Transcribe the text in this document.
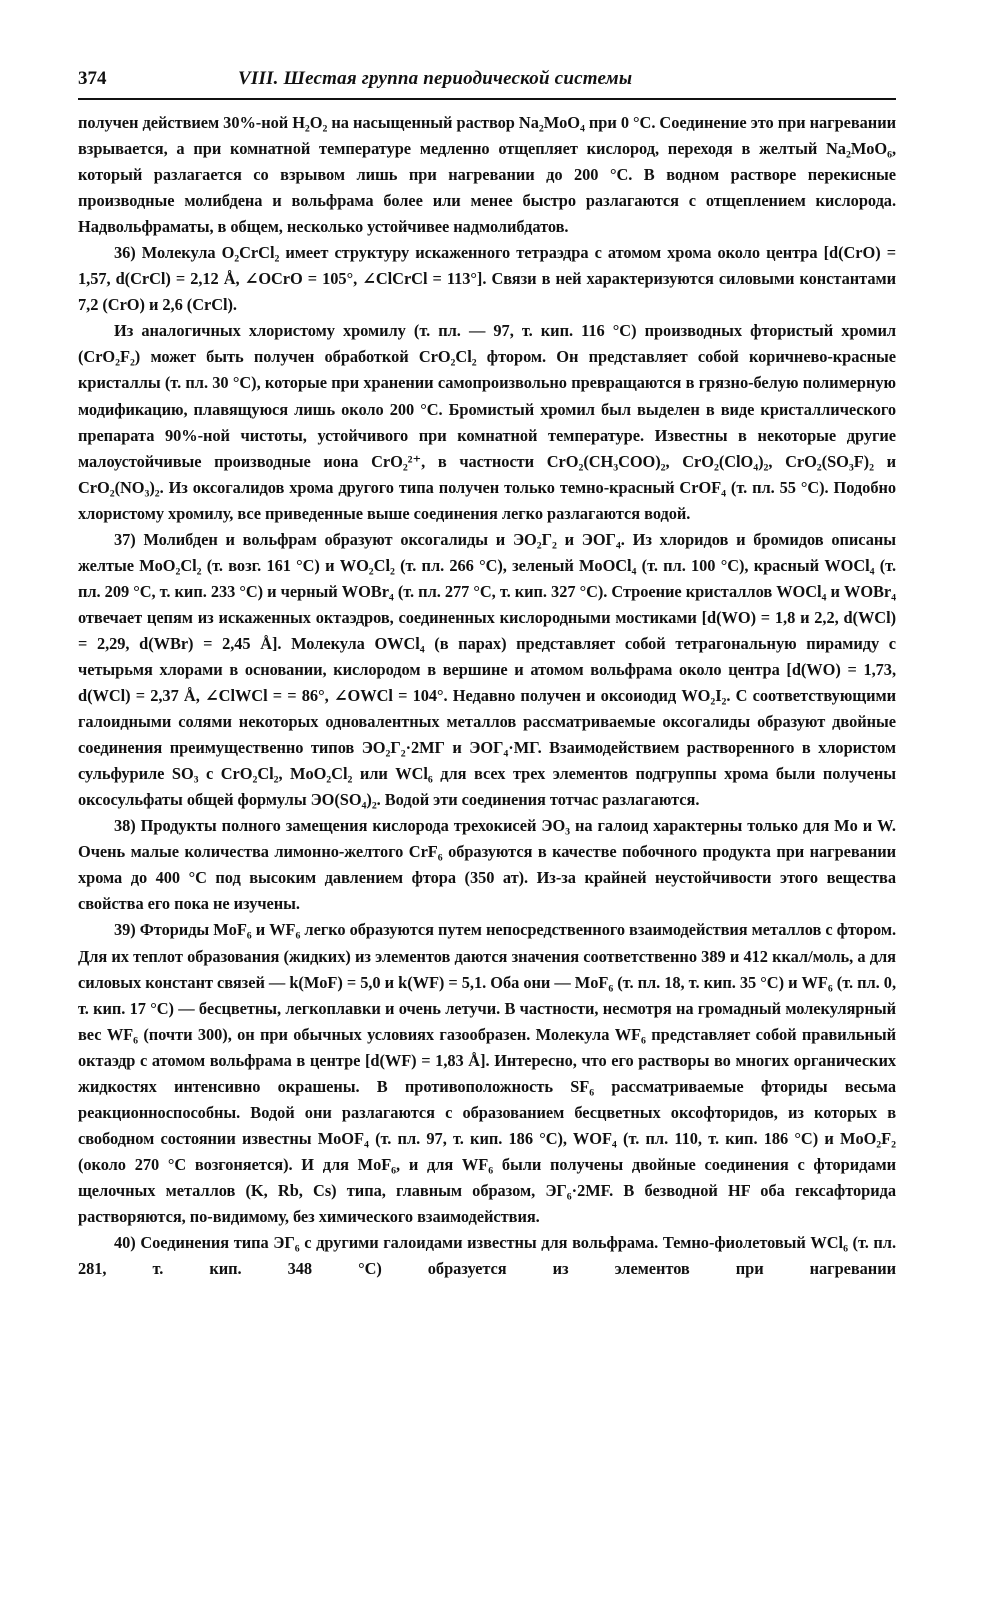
374	VIII. Шестая группа периодической системы

получен действием 30%-ной H₂O₂ на насыщенный раствор Na₂MoO₄ при 0 °С. Соединение это при нагревании взрывается, а при комнатной температуре медленно отщепляет кислород, переходя в желтый Na₂MoO₆, который разлагается со взрывом лишь при нагревании до 200 °С. В водном растворе перекисные производные молибдена и вольфрама более или менее быстро разлагаются с отщеплением кислорода. Надвольфраматы, в общем, несколько устойчивее надмолибдатов.

36) Молекула O₂CrCl₂ имеет структуру искаженного тетраэдра с атомом хрома около центра [d(CrO) = 1,57, d(CrCl) = 2,12 Å, ∠OCrO = 105°, ∠ClCrCl = 113°]. Связи в ней характеризуются силовыми константами 7,2 (CrO) и 2,6 (CrCl).

Из аналогичных хлористому хромилу (т. пл. — 97, т. кип. 116 °С) производных фтористый хромил (CrO₂F₂) может быть получен обработкой CrO₂Cl₂ фтором. Он представляет собой коричнево-красные кристаллы (т. пл. 30 °С), которые при хранении самопроизвольно превращаются в грязно-белую полимерную модификацию, плавящуюся лишь около 200 °С. Бромистый хромил был выделен в виде кристаллического препарата 90%-ной чистоты, устойчивого при комнатной температуре. Известны в некоторые другие малоустойчивые производные иона CrO₂²⁺, в частности CrO₂(CH₃COO)₂, CrO₂(ClO₄)₂, CrO₂(SO₃F)₂ и CrO₂(NO₃)₂. Из оксогалидов хрома другого типа получен только темно-красный CrOF₄ (т. пл. 55 °С). Подобно хлористому хромилу, все приведенные выше соединения легко разлагаются водой.

37) Молибден и вольфрам образуют оксогалиды и ЭO₂Г₂ и ЭOГ₄. Из хлоридов и бромидов описаны желтые MoO₂Cl₂ (т. возг. 161 °С) и WO₂Cl₂ (т. пл. 266 °С), зеленый MoOCl₄ (т. пл. 100 °С), красный WOCl₄ (т. пл. 209 °С, т. кип. 233 °С) и черный WOBr₄ (т. пл. 277 °С, т. кип. 327 °С). Строение кристаллов WOCl₄ и WOBr₄ отвечает цепям из искаженных октаэдров, соединенных кислородными мостиками [d(WO) = 1,8 и 2,2, d(WCl) = 2,29, d(WBr) = 2,45 Å]. Молекула OWCl₄ (в парах) представляет собой тетрагональную пирамиду с четырьмя хлорами в основании, кислородом в вершине и атомом вольфрама около центра [d(WO) = 1,73, d(WCl) = 2,37 Å, ∠ClWCl = = 86°, ∠OWCl = 104°. Недавно получен и оксоиодид WO₂I₂. С соответствующими галоидными солями некоторых одновалентных металлов рассматриваемые оксогалиды образуют двойные соединения преимущественно типов ЭO₂Г₂·2МГ и ЭOГ₄·МГ. Взаимодействием растворенного в хлористом сульфуриле SO₃ с CrO₂Cl₂, MoO₂Cl₂ или WCl₆ для всех трех элементов подгруппы хрома были получены оксосульфаты общей формулы ЭO(SO₄)₂. Водой эти соединения тотчас разлагаются.

38) Продукты полного замещения кислорода трехокисей ЭO₃ на галоид характерны только для Mo и W. Очень малые количества лимонно-желтого CrF₆ образуются в качестве побочного продукта при нагревании хрома до 400 °С под высоким давлением фтора (350 ат). Из-за крайней неустойчивости этого вещества свойства его пока не изучены.

39) Фториды MoF₆ и WF₆ легко образуются путем непосредственного взаимодействия металлов с фтором. Для их теплот образования (жидких) из элементов даются значения соответственно 389 и 412 ккал/моль, а для силовых констант связей — k(MoF) = 5,0 и k(WF) = 5,1. Оба они — MoF₆ (т. пл. 18, т. кип. 35 °С) и WF₆ (т. пл. 0, т. кип. 17 °С) — бесцветны, легкоплавки и очень летучи. В частности, несмотря на громадный молекулярный вес WF₆ (почти 300), он при обычных условиях газообразен. Молекула WF₆ представляет собой правильный октаэдр с атомом вольфрама в центре [d(WF) = 1,83 Å]. Интересно, что его растворы во многих органических жидкостях интенсивно окрашены. В противоположность SF₆ рассматриваемые фториды весьма реакционноспособны. Водой они разлагаются с образованием бесцветных оксофторидов, из которых в свободном состоянии известны MoOF₄ (т. пл. 97, т. кип. 186 °С), WOF₄ (т. пл. 110, т. кип. 186 °С) и MoO₂F₂ (около 270 °С возгоняется). И для MoF₆, и для WF₆ были получены двойные соединения с фторидами щелочных металлов (K, Rb, Cs) типа, главным образом, ЭГ₆·2MF. В безводной HF оба гексафторида растворяются, по-видимому, без химического взаимодействия.

40) Соединения типа ЭГ₆ с другими галоидами известны для вольфрама. Темно-фиолетовый WCl₆ (т. пл. 281, т. кип. 348 °С) образуется из элементов при нагревании
